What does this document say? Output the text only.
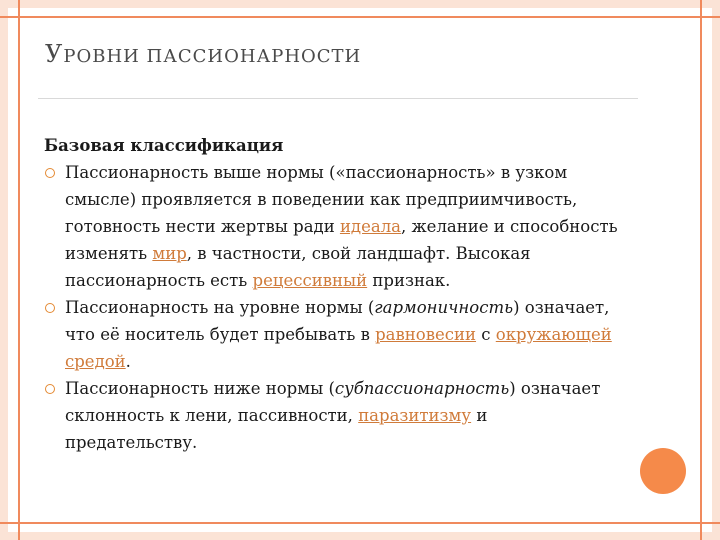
УРОВНИ ПАССИОНАРНОСТИ

Базовая классификация

Пассионарность выше нормы («пассионарность» в узком смысле) проявляется в поведении как предприимчивость, готовность нести жертвы ради идеала, желание и способность изменять мир, в частности, свой ландшафт. Высокая пассионарность есть рецессивный признак.
Пассионарность на уровне нормы (гармоничность) означает, что её носитель будет пребывать в равновесии с окружающей средой.
Пассионарность ниже нормы (субпассионарность) означает склонность к лени, пассивности, паразитизму и предательству.
